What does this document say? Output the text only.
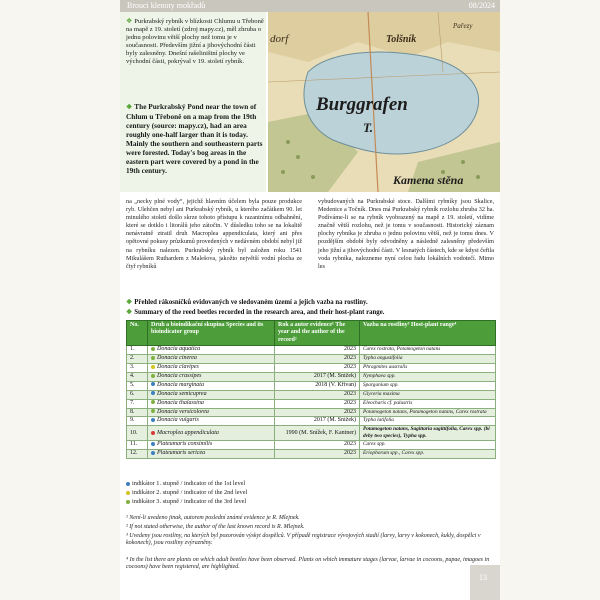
Brouci klenoty mokřadů	08/2024

❖ Purkrabský rybník v blízkosti Chlumu u Třeboně na mapě z 19. století (zdroj mapy.cz), měl zhruba o jednu polovinu větší plochy než tomu je v současnosti. Především jižní a jihovýchodní části byly zalesněny. Dnešní rašeliništní plochy ve východní části, pokrýval v 19. století rybník.

❖ The Purkrabský Pond near the town of Chlum u Třeboně on a map from the 19th century (source: mapy.cz), had an area roughly one-half larger than it is today. Mainly the southern and southeastern parts were forested. Today's bog areas in the eastern part were covered by a pond in the 19th century.

dorf	Tolšník
Pařezy
Burggrafen
T.
Kamena stěna

na „necky plné vody“, jejichž hlavním účelem byla pouze produkce ryb. Ulehčen nebyl ani Purkrabský rybník, u kterého začátkem 90. let minulého století došlo skrze tohoto přístupu k razantnímu odbahnění, které se dotklo i litorálů jeho zátočin. V důsledku toho se na lokalitě nenávratně ztratil druh Macroplea appendiculata, který ani přes opětovné pokusy průzkumů provedených v nedávném období nebyl již na rybníku nalezen. Purkrabský rybník byl založen roku 1541 Mikulášem Ruthardem z Malešova, jakožto největší vodní plocha ze čtyř rybníků

vybudovaných na Purkrabské stoce. Dalšími rybníky jsou Skalice, Medenice a Točník. Dnes má Purkrabský rybník rozlohu zhruba 32 ha. Podíváme-li se na rybník vyobrazený na mapě z 19. století, vidíme značně větší rozlohu, než je tomu v současnosti. Historický záznam plochy rybníka je zhruba o jednu polovinu větší, než je tomu dnes. V pozdějším období byly odvodněny a následně zalesněny především jeho jižní a jihovýchodní části. V lesnatých částech, kde se kdysi čeřila voda rybníka, nalezneme nyní celou řadu lokálních vodotečí. Mimo les

❖ Přehled rákosníčků evidovaných ve sledovaném území a jejich vazba na rostliny.
❖ Summary of the reed beetles recorded in the research area, and their host-plant range.
No.	Druh a bioindikační skupina Species and its bioindicator group	Rok a autor evidence¹ The year and the author of the record²	Vazba na rostliny³ Host-plant range⁴
1.	Donacia aquatica	2023	Carex rostrata, Potamogeton natans
2.	Donacia cinerea	2023	Typha angustifolia
3.	Donacia clavipes	2023	Phragmites australis
4.	Donacia crassipes	2017 (M. Snížek)	Nymphaea spp.
5.	Donacia marginata	2018 (V. Křivan)	Sparganium spp.
6.	Donacia semicuprea	2023	Glyceria maxima
7.	Donacia thalassina	2023	Eleocharis cf. palustris
8.	Donacia versicolorea	2023	Potamogeton natans, Potamogeton natans, Carex rostrata
9.	Donacia vulgaris	2017 (M. Snížek)	Typha latifolia
10.	Macroplea appendiculata	1990 (M. Snížek, F. Kantner)	Potamogeton natans, Sagittaria sagittifolia, Carex spp. (bi dvby two species), Typha spp.
11.	Plateumaris consimilis	2023	Carex spp.
12.	Plateumaris sericea	2023	Eriophorum spp., Carex spp.
indikátor 1. stupně / indicator of the 1st level
indikátor 2. stupně / indicator of the 2nd level
indikátor 3. stupně / indicator of the 3rd level

¹ Není-li uvedeno jinak, autorem poslední známé evidence je R. Mlejnek.

² If not stated otherwise, the author of the last known record is R. Mlejnek.

³ Uvedeny jsou rostliny, na kterých byl pozorován výskyt dospělců. V případě registrace vývojových stadií (larvy, larvy v kokonech, kukly, dospělci v kokonech), jsou rostliny zvýrazněny.

⁴ In the list there are plants on which adult beetles have been observed. Plants on which immature stages (larvae, larvae in cocoons, pupae, imagoes in cocoons) have been registered, are highlighted.

13
